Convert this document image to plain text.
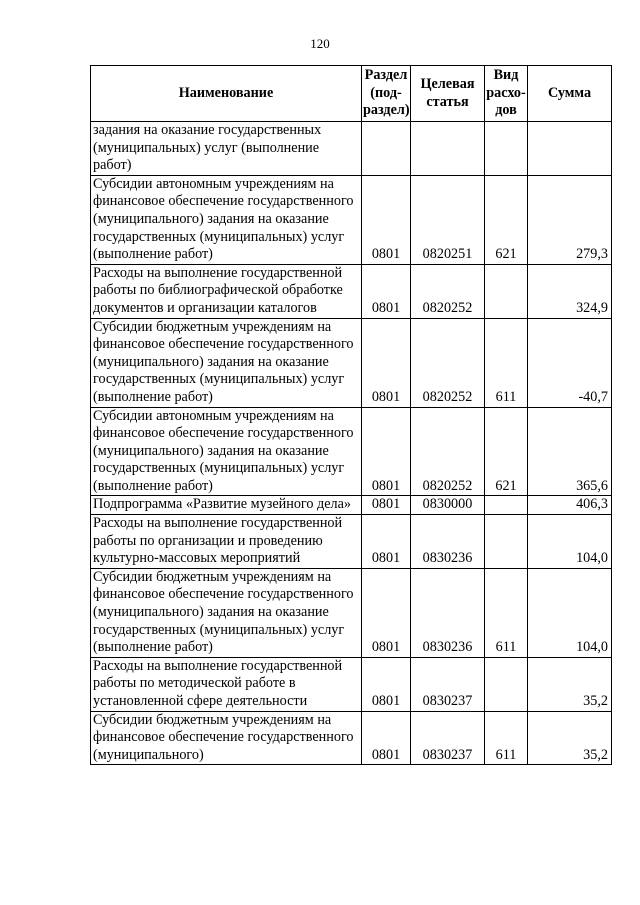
120
Наименование	Раздел (под-раздел)	Целевая статья	Вид расхо-дов	Сумма
задания на оказание государственных (муниципальных) услуг (выполнение работ)				
Субсидии автономным учреждениям на финансовое обеспечение государственного (муниципального) задания на оказание государственных (муниципальных) услуг (выполнение работ)	0801	0820251	621	279,3
Расходы на выполнение государственной работы по библиографической обработке документов и организации каталогов	0801	0820252		324,9
Субсидии бюджетным учреждениям на финансовое обеспечение государственного (муниципального) задания на оказание государственных (муниципальных) услуг (выполнение работ)	0801	0820252	611	-40,7
Субсидии автономным учреждениям на финансовое обеспечение государственного (муниципального) задания на оказание государственных (муниципальных) услуг (выполнение работ)	0801	0820252	621	365,6
Подпрограмма «Развитие музейного дела»	0801	0830000		406,3
Расходы на выполнение государственной работы по организации и проведению культурно-массовых мероприятий	0801	0830236		104,0
Субсидии бюджетным учреждениям на финансовое обеспечение государственного (муниципального) задания на оказание государственных (муниципальных) услуг (выполнение работ)	0801	0830236	611	104,0
Расходы на выполнение государственной работы по методической работе в установленной сфере деятельности	0801	0830237		35,2
Субсидии бюджетным учреждениям на финансовое обеспечение государственного (муниципального)	0801	0830237	611	35,2
